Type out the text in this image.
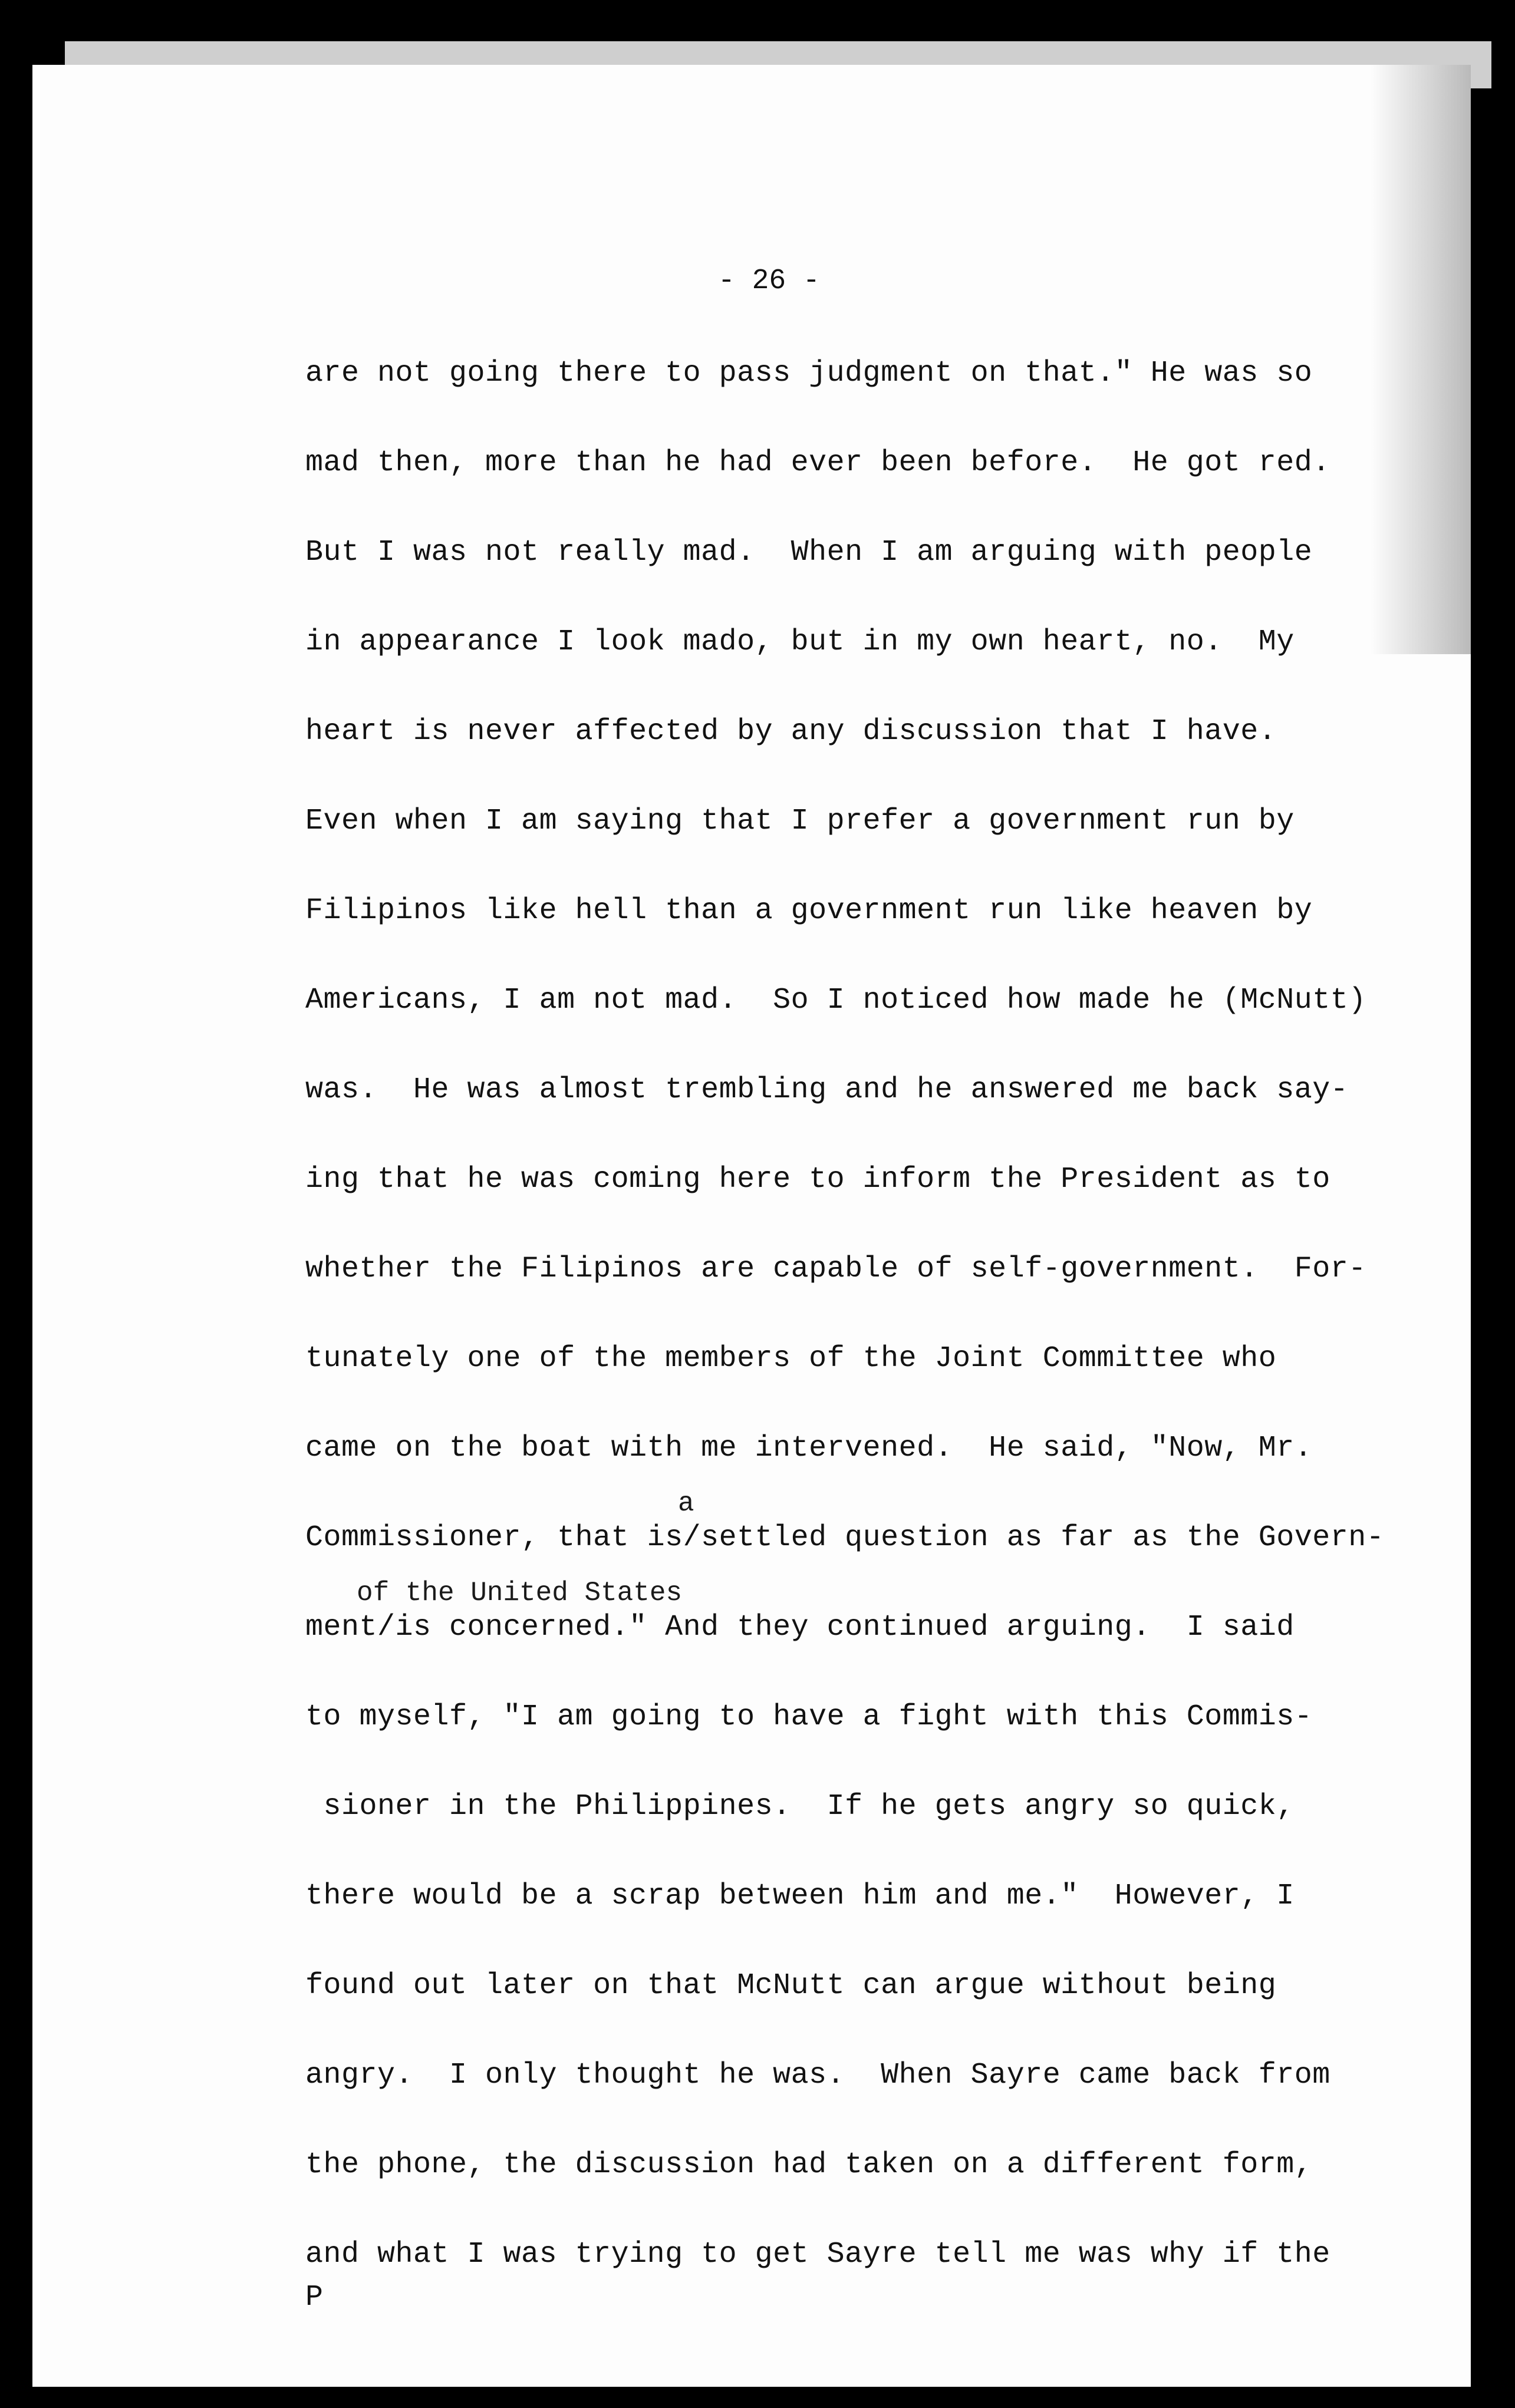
- 26 -
are not going there to pass judgment on that." He was so
mad then, more than he had ever been before.  He got red.
But I was not really mad.  When I am arguing with people
in appearance I look mado, but in my own heart, no.  My
heart is never affected by any discussion that I have.
Even when I am saying that I prefer a government run by
Filipinos like hell than a government run like heaven by
Americans, I am not mad.  So I noticed how made he (McNutt)
was.  He was almost trembling and he answered me back say-
ing that he was coming here to inform the President as to
whether the Filipinos are capable of self-government.  For-
tunately one of the members of the Joint Committee who
came on the boat with me intervened.  He said, "Now, Mr.
a
Commissioner, that is/settled question as far as the Govern-
of the United States
ment/is concerned." And they continued arguing.  I said
to myself, "I am going to have a fight with this Commis-
sioner in the Philippines.  If he gets angry so quick,
there would be a scrap between him and me."  However, I
found out later on that McNutt can argue without being
angry.  I only thought he was.  When Sayre came back from
the phone, the discussion had taken on a different form,
and what I was trying to get Sayre tell me was why if the
P
